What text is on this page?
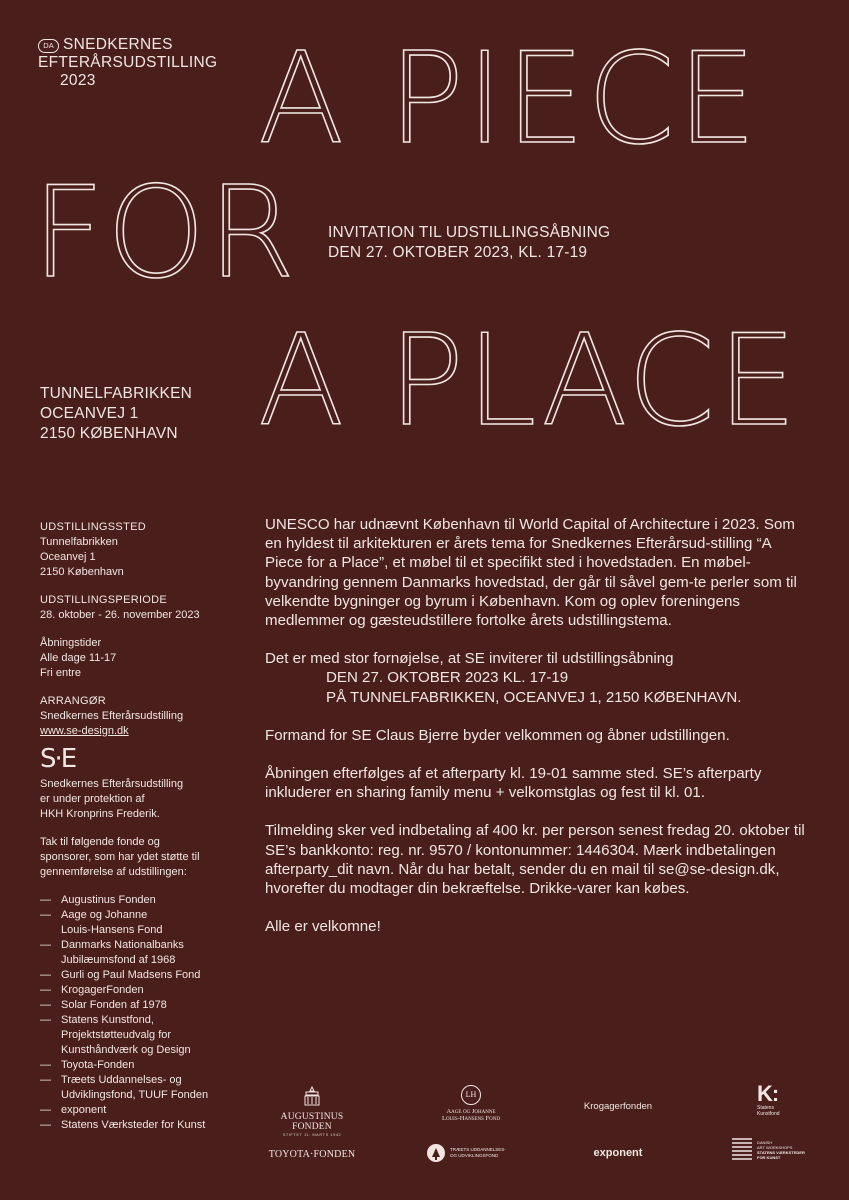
DA SNEDKERNES
EFTERÅRSUDSTILLING
2023	A PIECE
FOR
A PLACE
INVITATION TIL UDSTILLINGSÅBNING
DEN 27. OKTOBER 2023, KL. 17-19
TUNNELFABRIKKEN
OCEANVEJ 1
2150 KØBENHAVN
UDSTILLINGSSTED
Tunnelfabrikken
Oceanvej 1
2150 København
UDSTILLINGSPERIODE
28. oktober - 26. november 2023
Åbningstider
Alle dage 11-17
Fri entre
ARRANGØR
Snedkernes Efterårsudstilling
www.se-design.dk
S·E
Snedkernes Efterårsudstilling
er under protektion af
HKH Kronprins Frederik.
Tak til følgende fonde og
sponsorer, som har ydet støtte til
gennemførelse af udstillingen:
— Augustinus Fonden
— Aage og Johanne
Louis-Hansens Fond
— Danmarks Nationalbanks
Jubilæumsfond af 1968
— Gurli og Paul Madsens Fond
— KrogagerFonden
— Solar Fonden af 1978
— Statens Kunstfond,
Projektstøtteudvalg for
Kunsthåndværk og Design
— Toyota-Fonden
— Træets Uddannelses- og
Udviklingsfond, TUUF Fonden
— exponent
— Statens Værksteder for Kunst

UNESCO har udnævnt København til World Capital of Architecture i 2023. Som en hyldest til arkitekturen er årets tema for Snedkernes Efterårsud-stilling “A Piece for a Place”, et møbel til et specifikt sted i hovedstaden. En møbel-byvandring gennem Danmarks hovedstad, der går til såvel gem-te perler som til velkendte bygninger og byrum i København. Kom og oplev foreningens medlemmer og gæsteudstillere fortolke årets udstillingstema.

Det er med stor fornøjelse, at SE inviterer til udstillingsåbning
DEN 27. OKTOBER 2023 KL. 17-19
PÅ TUNNELFABRIKKEN, OCEANVEJ 1, 2150 KØBENHAVN.

Formand for SE Claus Bjerre byder velkommen og åbner udstillingen.

Åbningen efterfølges af et afterparty kl. 19-01 samme sted. SE’s afterparty inkluderer en sharing family menu + velkomstglas og fest til kl. 01.

Tilmelding sker ved indbetaling af 400 kr. per person senest fredag 20. oktober til SE’s bankkonto: reg. nr. 9570 / kontonummer: 1446304. Mærk indbetalingen afterparty_dit navn. Når du har betalt, sender du en mail til se@se-design.dk, hvorefter du modtager din bekræftelse. Drikke-varer kan købes.

Alle er velkomne!

AUGUSTINUS FONDEN
STIFTET 11. MARTS 1942
LH
Aage og Johanne
Louis-Hansens Fond
Krogagerfonden
K:
Statens
Kunstfond
TOYOTA·FONDEN	TRÆETS UDDANNELSES-
OG UDVIKLINGSFOND	exponent
DANISH
ART WORKSHOPS
STATENS VÆRKSTEDER
FOR KUNST
